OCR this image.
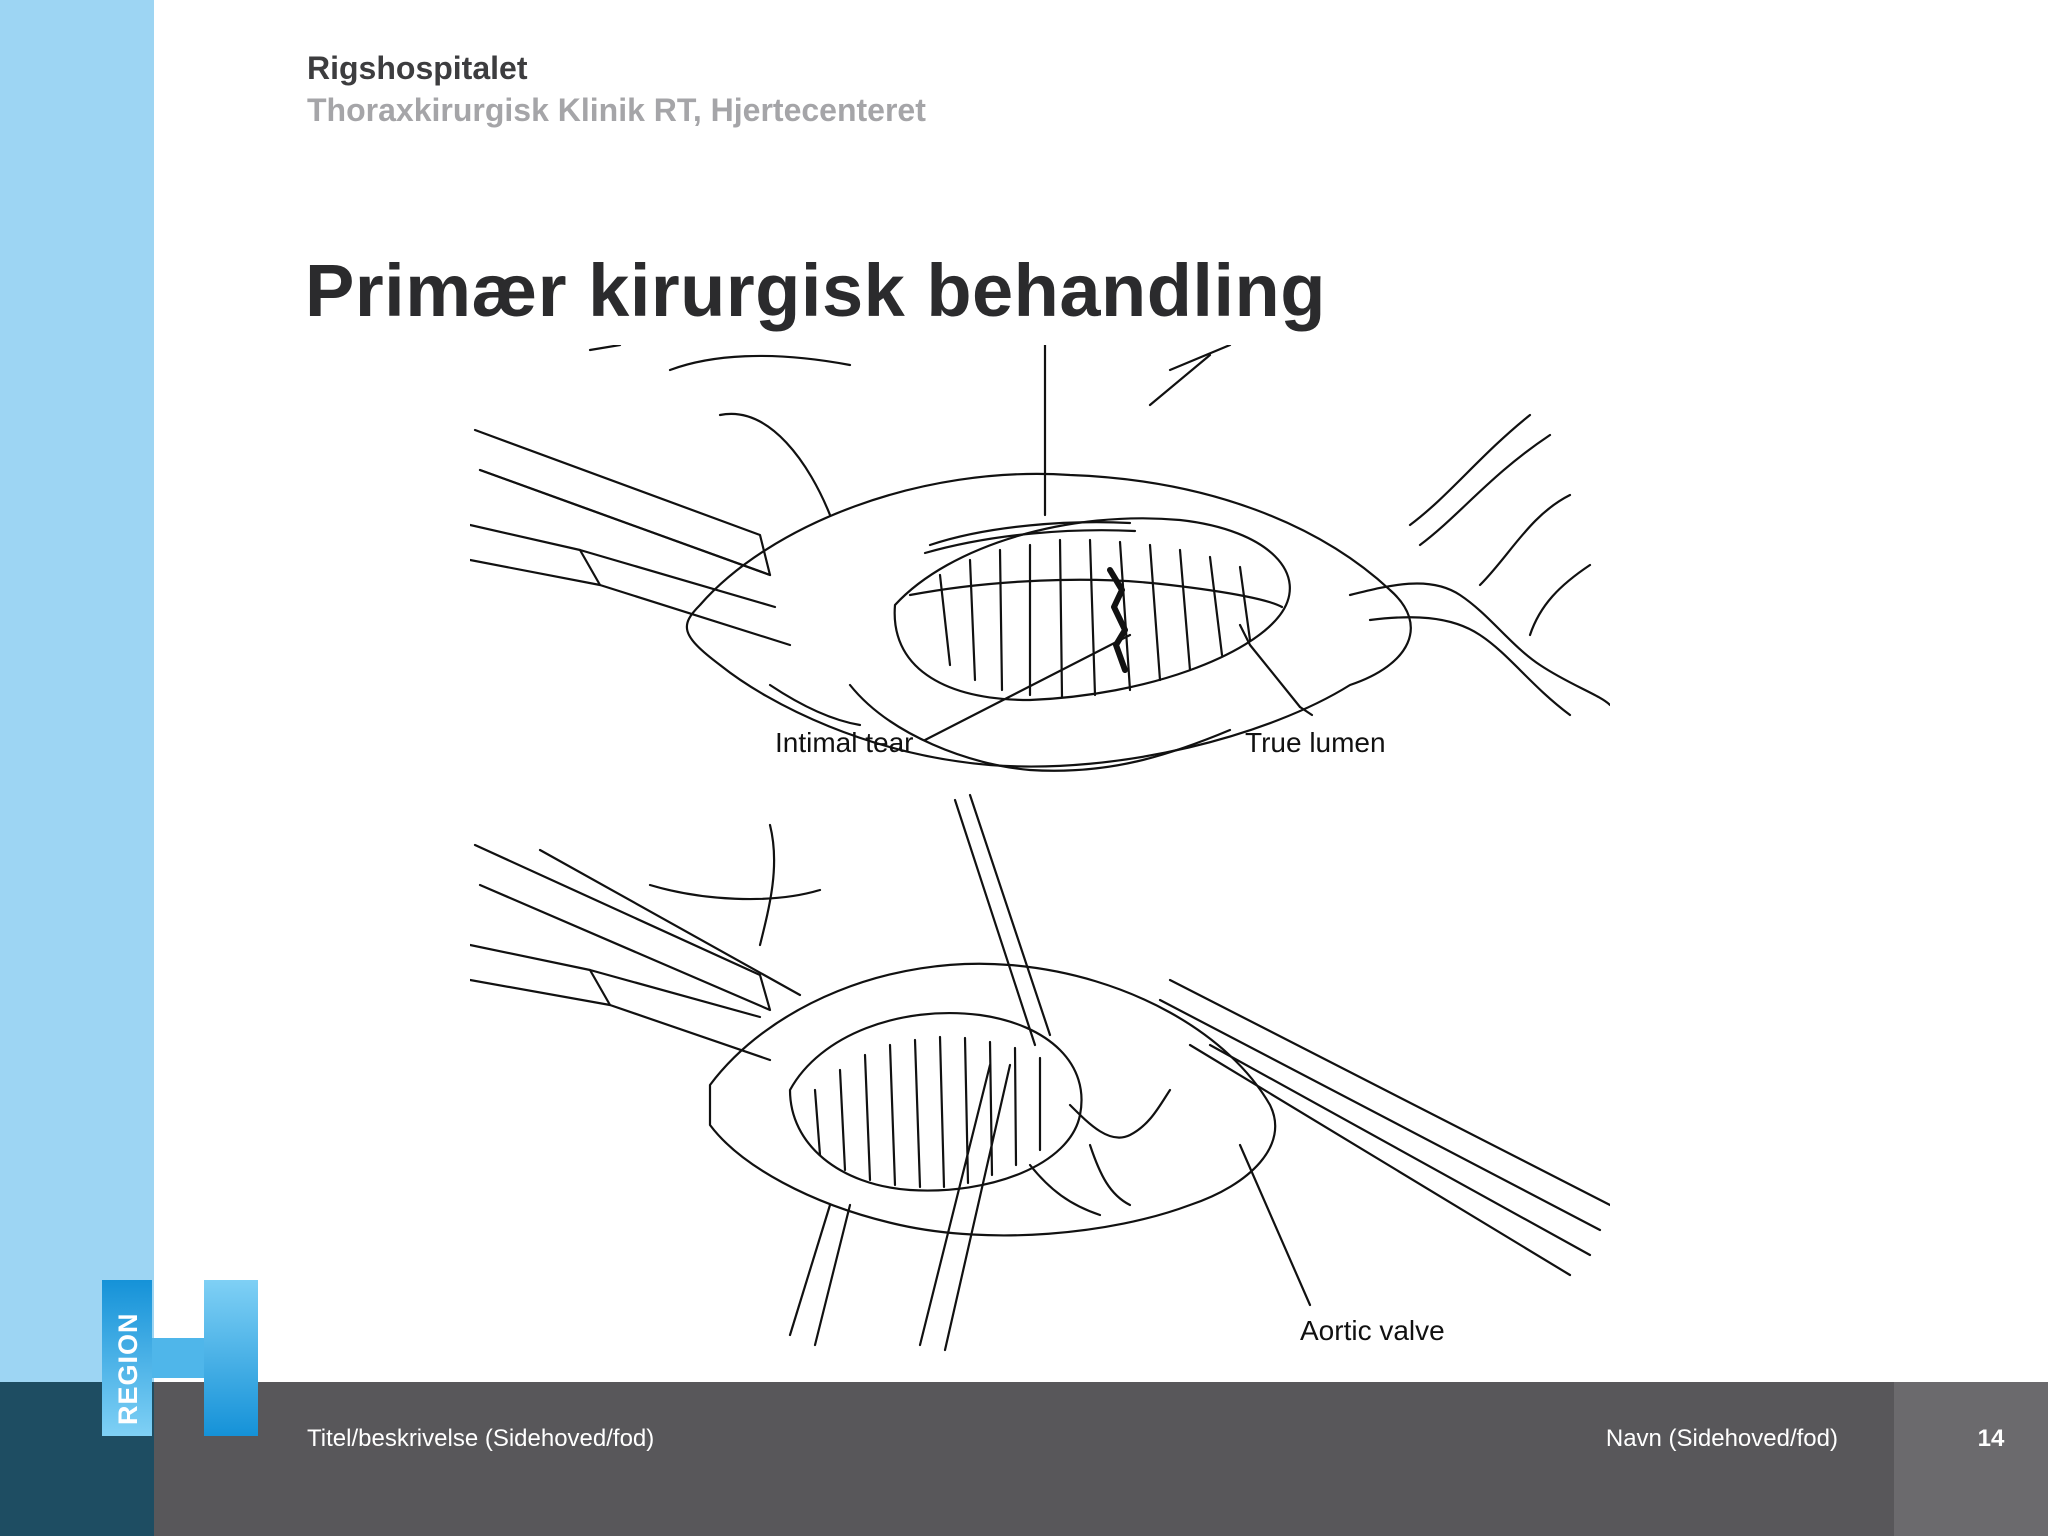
Rigshospitalet
Thoraxkirurgisk Klinik RT, Hjertecenteret
Primær kirurgisk behandling
Intimal tear	True lumen
Aortic valve
Titel/beskrivelse (Sidehoved/fod)	Navn (Sidehoved/fod)	14
REGION
